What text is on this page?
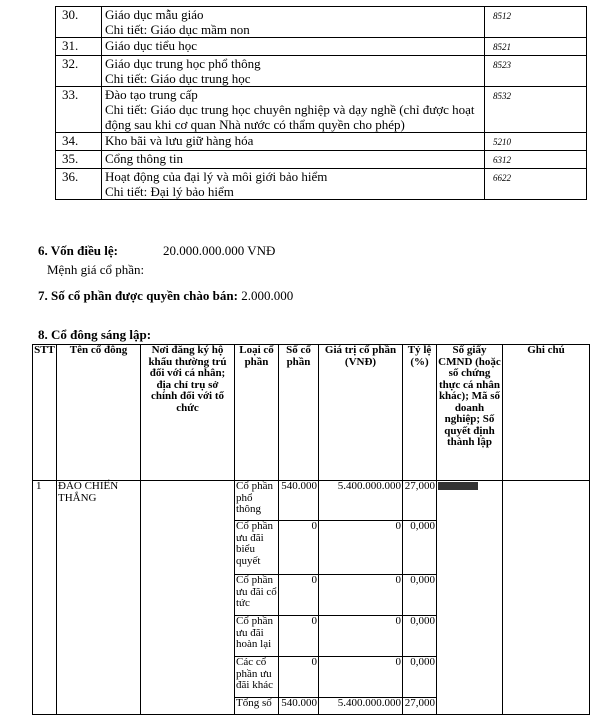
30.	Giáo dục mẫu giáo
Chi tiết: Giáo dục mầm non	8512
31.	Giáo dục tiểu học	8521
32.	Giáo dục trung học phổ thông
Chi tiết: Giáo dục trung học	8523
33.	Đào tạo trung cấp
Chi tiết: Giáo dục trung học chuyên nghiệp và dạy nghề (chỉ được hoạt động sau khi cơ quan Nhà nước có thẩm quyền cho phép)	8532
34.	Kho bãi và lưu giữ hàng hóa	5210
35.	Cổng thông tin	6312
36.	Hoạt động của đại lý và môi giới bảo hiểm
Chi tiết: Đại lý bảo hiểm	6622
6. Vốn điều lệ:	20.000.000.000 VNĐ
Mệnh giá cổ phần:
7. Số cổ phần được quyền chào bán: 2.000.000
8. Cổ đông sáng lập:
STT	Tên cổ đông	Nơi đăng ký hộ khẩu thường trú đối với cá nhân; địa chỉ trụ sở chính đối với tổ chức	Loại cổ phần	Số cổ phần	Giá trị cổ phần (VNĐ)	Tỷ lệ (%)	Số giấy CMND (hoặc số chứng thực cá nhân khác); Mã số doanh nghiệp; Số quyết định thành lập	Ghi chú
1	ĐÀO CHIẾN THẮNG		Cổ phần phổ thông	540.000	5.400.000.000	27,000		
			Cổ phần ưu đãi biểu quyết	0	0	0,000		
			Cổ phần ưu đãi cổ tức	0	0	0,000		
			Cổ phần ưu đãi hoàn lại	0	0	0,000		
			Các cổ phần ưu đãi khác	0	0	0,000		
			Tổng số	540.000	5.400.000.000	27,000		
